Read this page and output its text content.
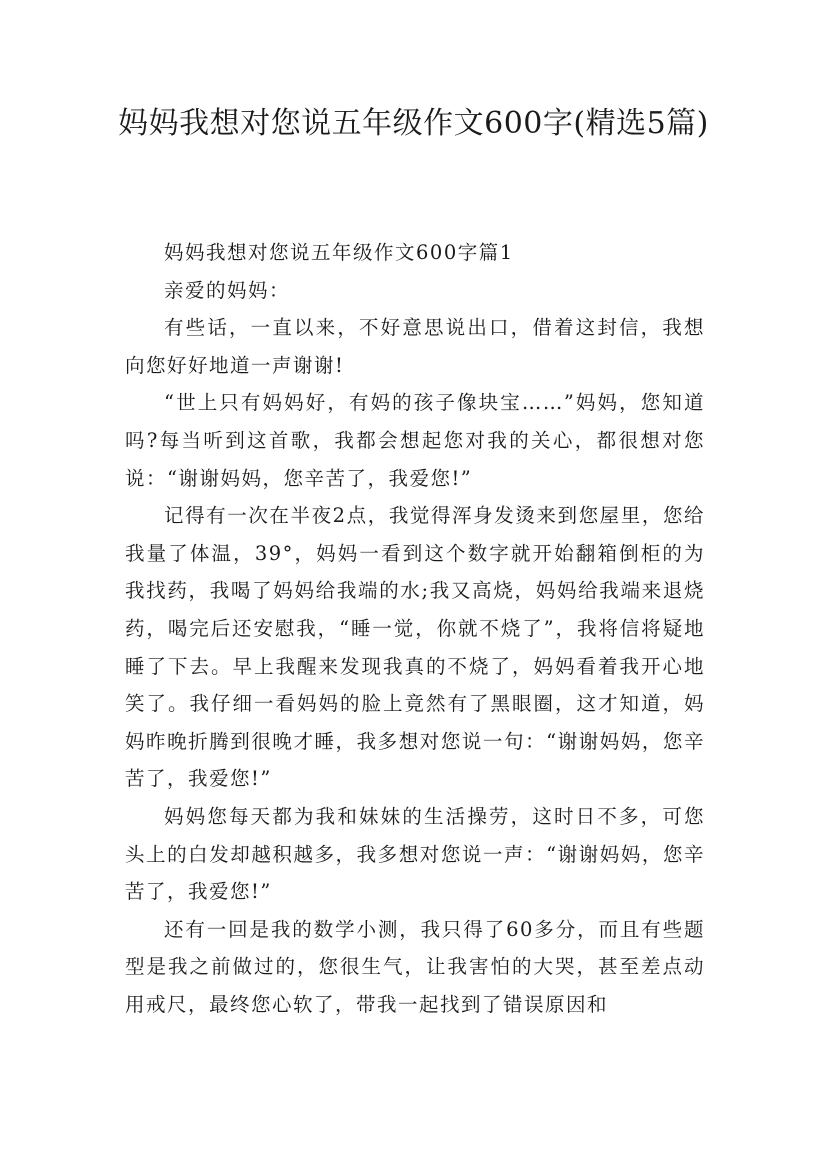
妈妈我想对您说五年级作文600字(精选5篇)

妈妈我想对您说五年级作文600字篇1

亲爱的妈妈：

有些话，一直以来，不好意思说出口，借着这封信，我想向您好好地道一声谢谢!

“世上只有妈妈好，有妈的孩子像块宝……”妈妈，您知道吗?每当听到这首歌，我都会想起您对我的关心，都很想对您说：“谢谢妈妈，您辛苦了，我爱您!”

记得有一次在半夜2点，我觉得浑身发烫来到您屋里，您给我量了体温，39°，妈妈一看到这个数字就开始翻箱倒柜的为我找药，我喝了妈妈给我端的水;我又高烧，妈妈给我端来退烧药，喝完后还安慰我，“睡一觉，你就不烧了”，我将信将疑地睡了下去。早上我醒来发现我真的不烧了，妈妈看着我开心地笑了。我仔细一看妈妈的脸上竟然有了黑眼圈，这才知道，妈妈昨晚折腾到很晚才睡，我多想对您说一句：“谢谢妈妈，您辛苦了，我爱您!”

妈妈您每天都为我和妹妹的生活操劳，这时日不多，可您头上的白发却越积越多，我多想对您说一声：“谢谢妈妈，您辛苦了，我爱您!”

还有一回是我的数学小测，我只得了60多分，而且有些题型是我之前做过的，您很生气，让我害怕的大哭，甚至差点动用戒尺，最终您心软了，带我一起找到了错误原因和
